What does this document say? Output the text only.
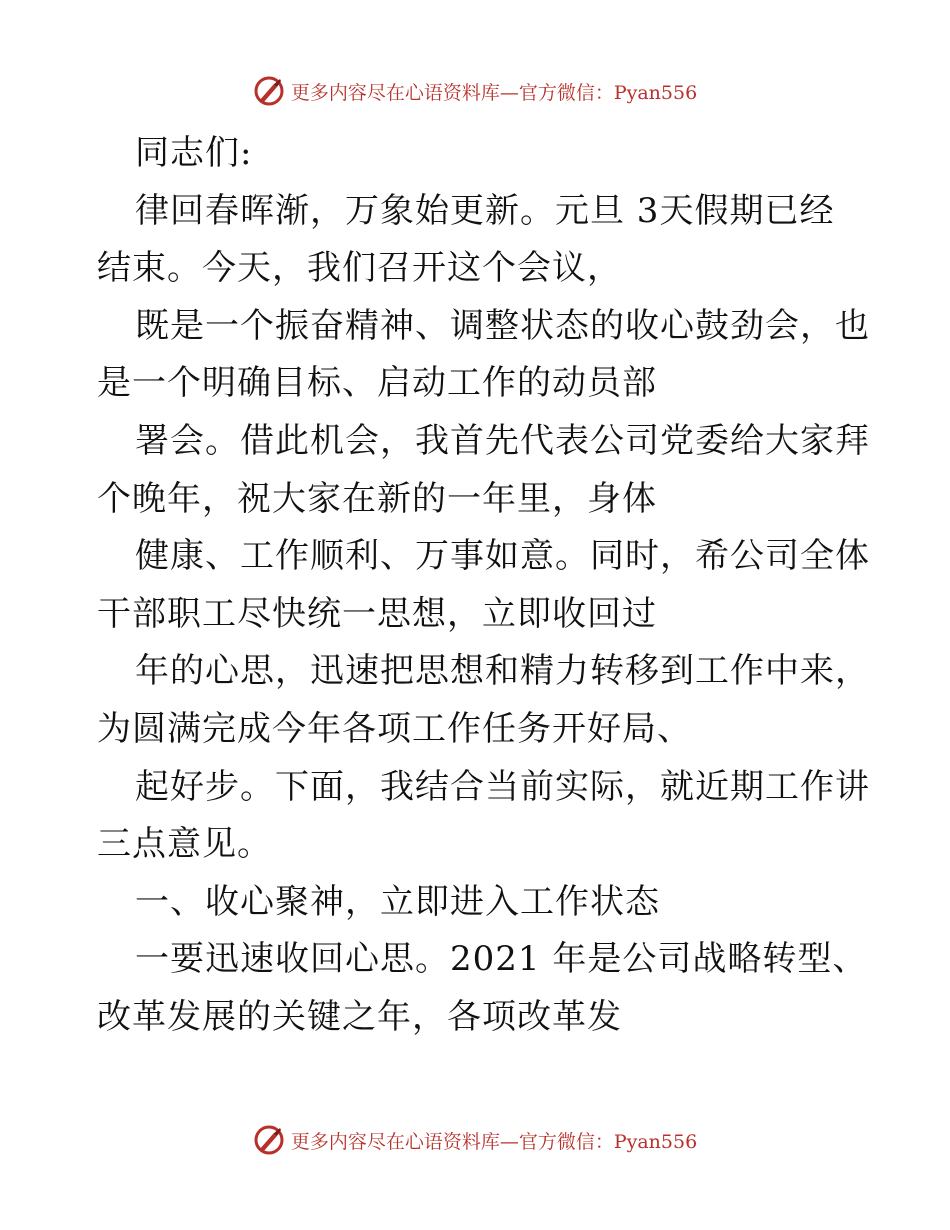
更多内容尽在心语资料库—官方微信：Pyan556
同志们:
律回春晖渐，万象始更新。元旦 3天假期已经
结束。今天，我们召开这个会议，
既是一个振奋精神、调整状态的收心鼓劲会，也
是一个明确目标、启动工作的动员部
署会。借此机会，我首先代表公司党委给大家拜
个晚年，祝大家在新的一年里，身体
健康、工作顺利、万事如意。同时，希公司全体
干部职工尽快统一思想，立即收回过
年的心思，迅速把思想和精力转移到工作中来，
为圆满完成今年各项工作任务开好局、
起好步。下面，我结合当前实际，就近期工作讲
三点意见。
一、收心聚神，立即进入工作状态
一要迅速收回心思。2021 年是公司战略转型、
改革发展的关键之年，各项改革发
更多内容尽在心语资料库—官方微信：Pyan556
